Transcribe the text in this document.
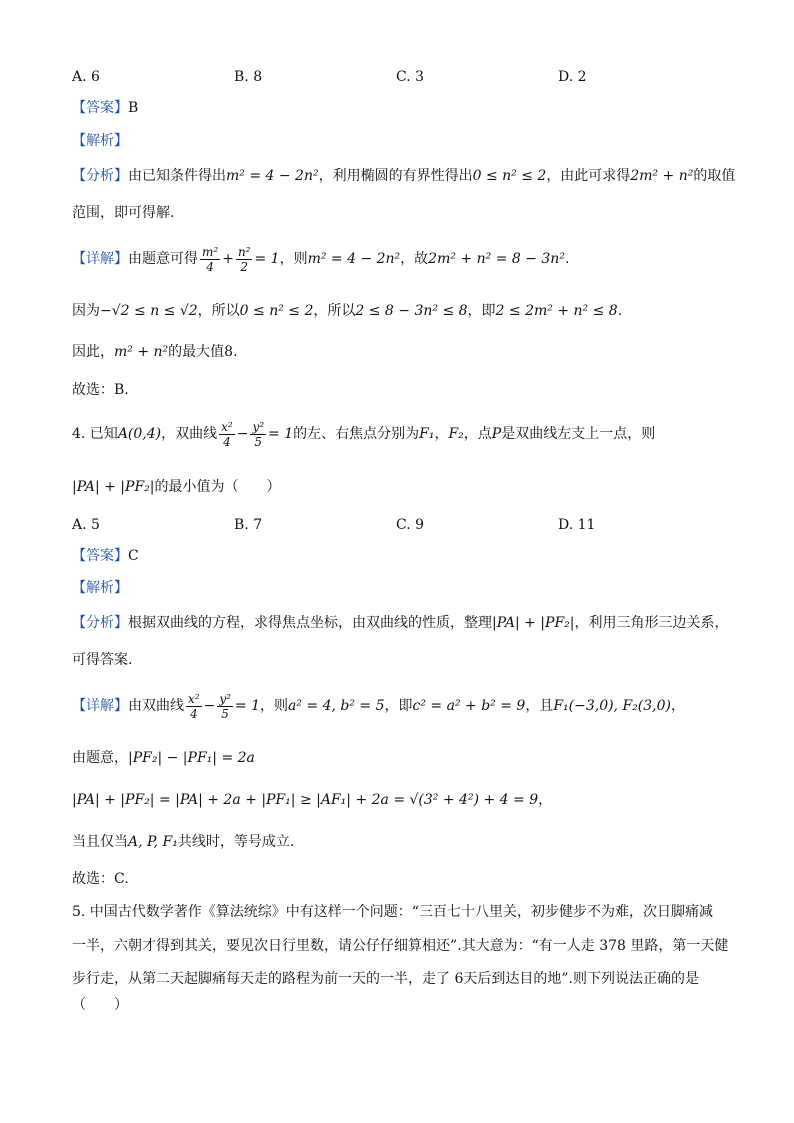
A. 6	B. 8	C. 3	D. 2
【答案】B
【解析】
【分析】由已知条件得出m² = 4 − 2n²，利用椭圆的有界性得出0 ≤ n² ≤ 2，由此可求得2m² + n²的取值
范围，即可得解.
【详解】由题意可得 $\frac{\text{m²}}{4} + \frac{\text{n²}}{2} = 1$，则m² = 4 − 2n²，故2m² + n² = 8 − 3n².
因为−√2 ≤ n ≤ √2，所以0 ≤ n² ≤ 2，所以2 ≤ 8 − 3n² ≤ 8，即2 ≤ 2m² + n² ≤ 8.
因此，m² + n²的最大值8.
故选：B.
4. 已知A(0,4)，双曲线 $\frac{\text{x²}}{4} - \frac{\text{y²}}{5} = 1$的左、右焦点分别为F₁，F₂，点P是双曲线左支上一点，则
|PA| + |PF₂|的最小值为（　　）
A. 5	B. 7	C. 9	D. 11
【答案】C
【解析】
【分析】根据双曲线的方程，求得焦点坐标，由双曲线的性质，整理|PA| + |PF₂|，利用三角形三边关系，
可得答案.
【详解】由双曲线 $\frac{\text{x²}}{4} - \frac{\text{y²}}{5} = 1$，则a² = 4, b² = 5，即c² = a² + b² = 9，且F₁(−3,0), F₂(3,0)，
由题意，|PF₂| − |PF₁| = 2a
|PA| + |PF₂| = |PA| + 2a + |PF₁| ≥ |AF₁| + 2a = √(3² + 4²) + 4 = 9，
当且仅当A, P, F₁共线时，等号成立.
故选：C.
5. 中国古代数学著作《算法统综》中有这样一个问题：“三百七十八里关，初步健步不为难，次日脚痛减
一半，六朝才得到其关，要见次日行里数，请公仔仔细算相还”.其大意为：“有一人走 378 里路，第一天健
步行走，从第二天起脚痛每天走的路程为前一天的一半，走了 6天后到达目的地”.则下列说法正确的是
（　　）
